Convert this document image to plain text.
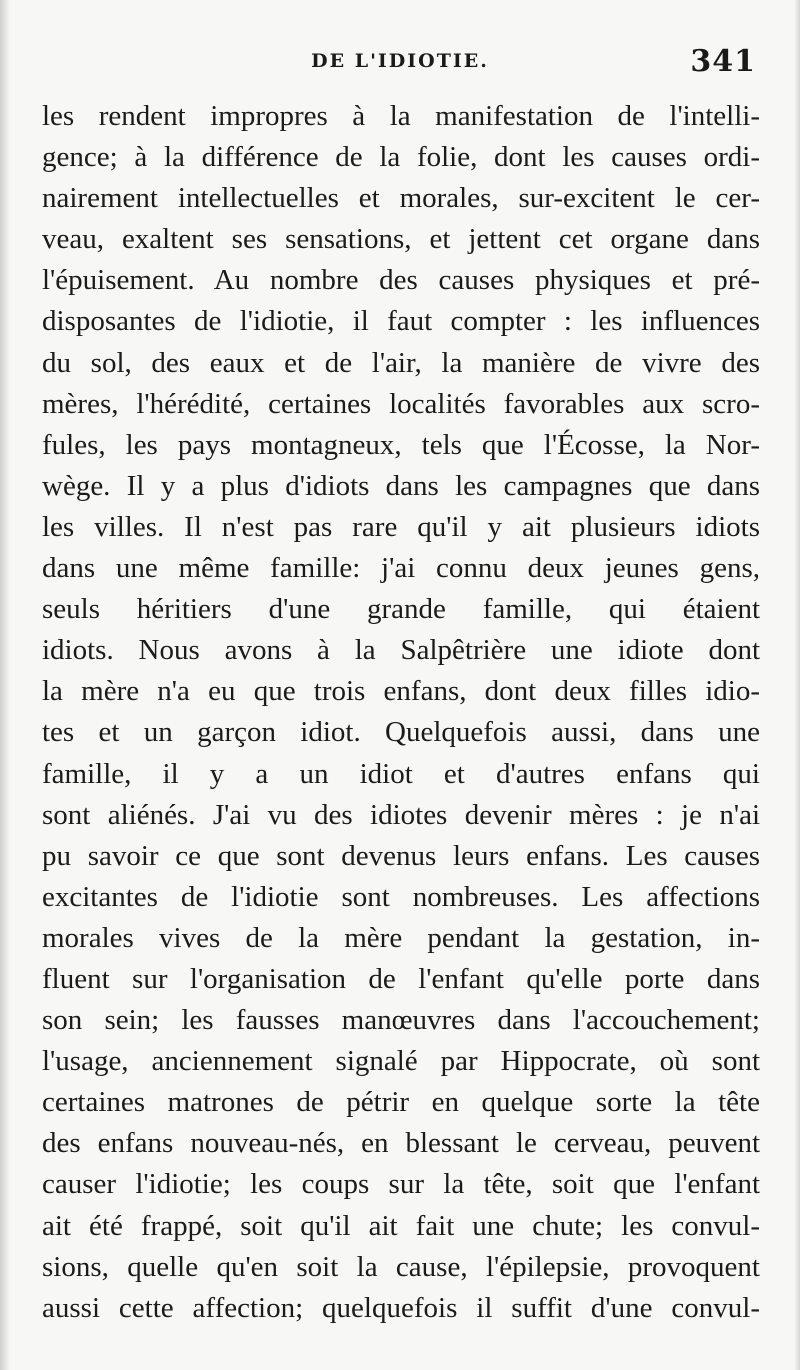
DE L'IDIOTIE.	341
les rendent impropres à la manifestation de l'intelli-
gence; à la différence de la folie, dont les causes ordi-
nairement intellectuelles et morales, sur-excitent le cer-
veau, exaltent ses sensations, et jettent cet organe dans
l'épuisement. Au nombre des causes physiques et pré-
disposantes de l'idiotie, il faut compter : les influences
du sol, des eaux et de l'air, la manière de vivre des
mères, l'hérédité, certaines localités favorables aux scro-
fules, les pays montagneux, tels que l'Écosse, la Nor-
wège. Il y a plus d'idiots dans les campagnes que dans
les villes. Il n'est pas rare qu'il y ait plusieurs idiots
dans une même famille: j'ai connu deux jeunes gens,
seuls héritiers d'une grande famille, qui étaient
idiots. Nous avons à la Salpêtrière une idiote dont
la mère n'a eu que trois enfans, dont deux filles idio-
tes et un garçon idiot. Quelquefois aussi, dans une
famille, il y a un idiot et d'autres enfans qui
sont aliénés. J'ai vu des idiotes devenir mères : je n'ai
pu savoir ce que sont devenus leurs enfans. Les causes
excitantes de l'idiotie sont nombreuses. Les affections
morales vives de la mère pendant la gestation, in-
fluent sur l'organisation de l'enfant qu'elle porte dans
son sein; les fausses manœuvres dans l'accouchement;
l'usage, anciennement signalé par Hippocrate, où sont
certaines matrones de pétrir en quelque sorte la tête
des enfans nouveau-nés, en blessant le cerveau, peuvent
causer l'idiotie; les coups sur la tête, soit que l'enfant
ait été frappé, soit qu'il ait fait une chute; les convul-
sions, quelle qu'en soit la cause, l'épilepsie, provoquent
aussi cette affection; quelquefois il suffit d'une convul-
